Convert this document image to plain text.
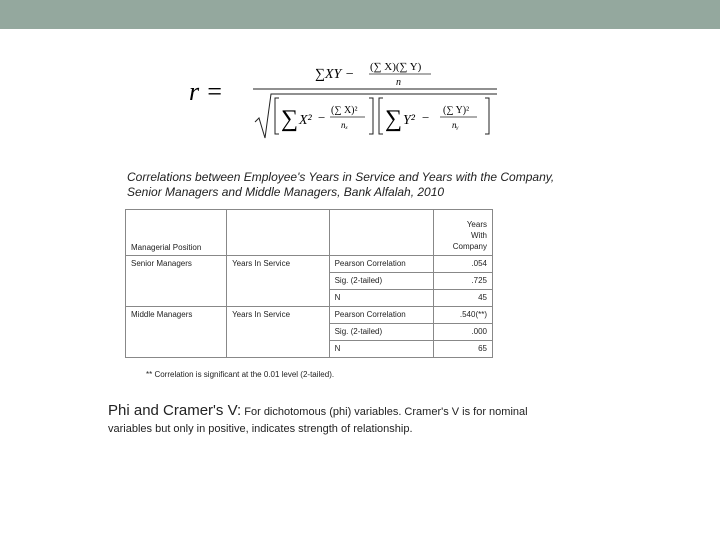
r =
∑XY − (∑ X)(∑ Y)
n
∑ X² − (∑ X)²
nₓ ∑ Y² − (∑ Y)²
nᵧ
Correlations between Employee's Years in Service and Years with the Company,
Senior Managers and Middle Managers, Bank Alfalah, 2010
Managerial Position			Years
With
Company
Senior Managers	Years In Service	Pearson Correlation	.054
		Sig. (2-tailed)	.725
		N	45
Middle Managers	Years In Service	Pearson Correlation	.540(**)
		Sig. (2-tailed)	.000
		N	65
** Correlation is significant at the 0.01 level (2-tailed).
Phi and Cramer's V: For dichotomous (phi) variables. Cramer's V is for nominal
variables but only in positive, indicates strength of relationship.
